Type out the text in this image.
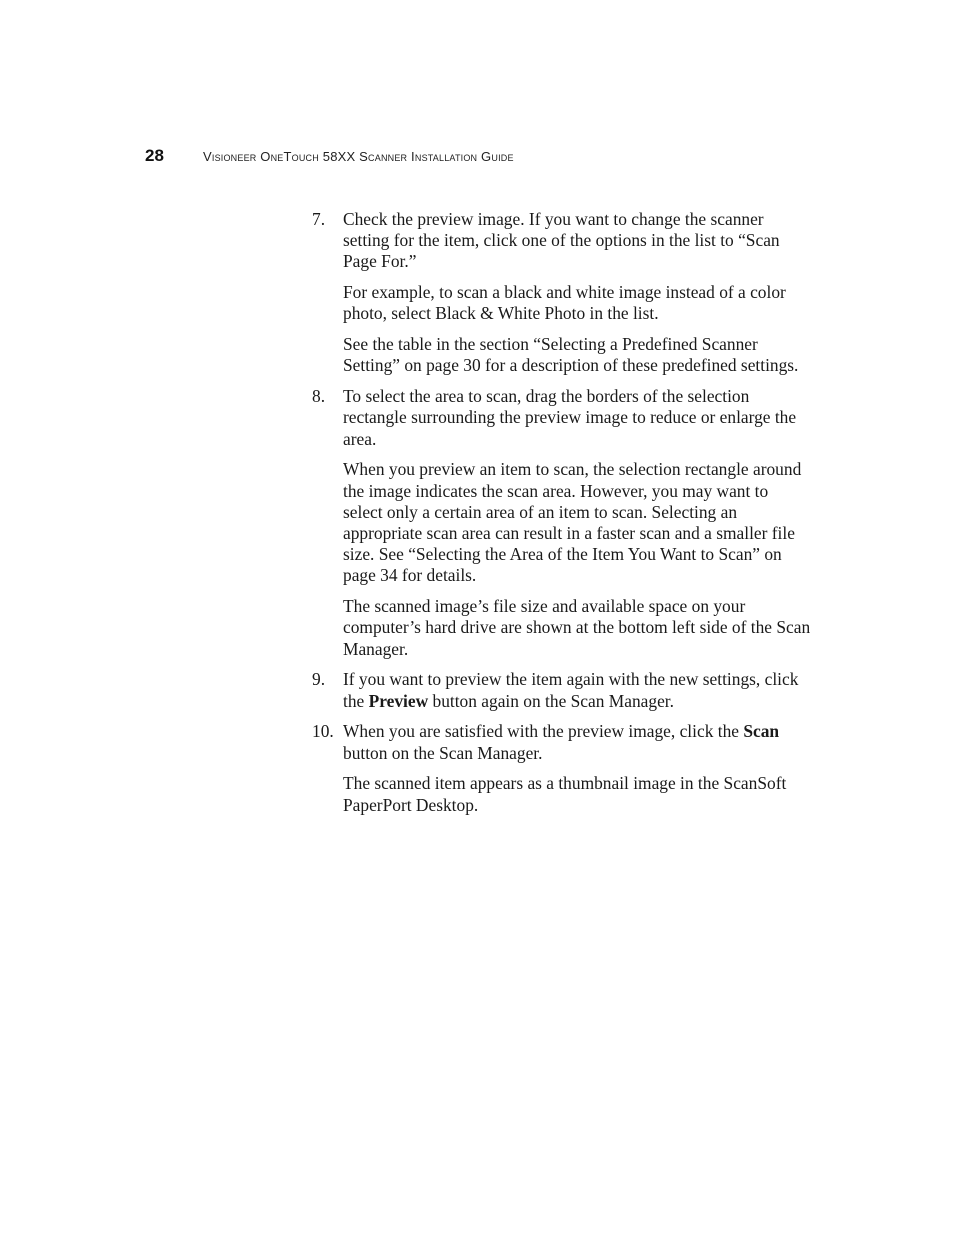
28	Visioneer OneTouch 58XX Scanner Installation Guide
7.	Check the preview image. If you want to change the scanner setting for the item, click one of the options in the list to “Scan Page For.”

For example, to scan a black and white image instead of a color photo, select Black & White Photo in the list.

See the table in the section “Selecting a Predefined Scanner Setting” on page 30 for a description of these predefined settings.

8.	To select the area to scan, drag the borders of the selection rectangle surrounding the preview image to reduce or enlarge the area.

When you preview an item to scan, the selection rectangle around the image indicates the scan area. However, you may want to select only a certain area of an item to scan. Selecting an appropriate scan area can result in a faster scan and a smaller file size. See “Selecting the Area of the Item You Want to Scan” on page 34 for details.

The scanned image’s file size and available space on your computer’s hard drive are shown at the bottom left side of the Scan Manager.

9.	If you want to preview the item again with the new settings, click the Preview button again on the Scan Manager.

10. When you are satisfied with the preview image, click the Scan button on the Scan Manager.

The scanned item appears as a thumbnail image in the ScanSoft PaperPort Desktop.
